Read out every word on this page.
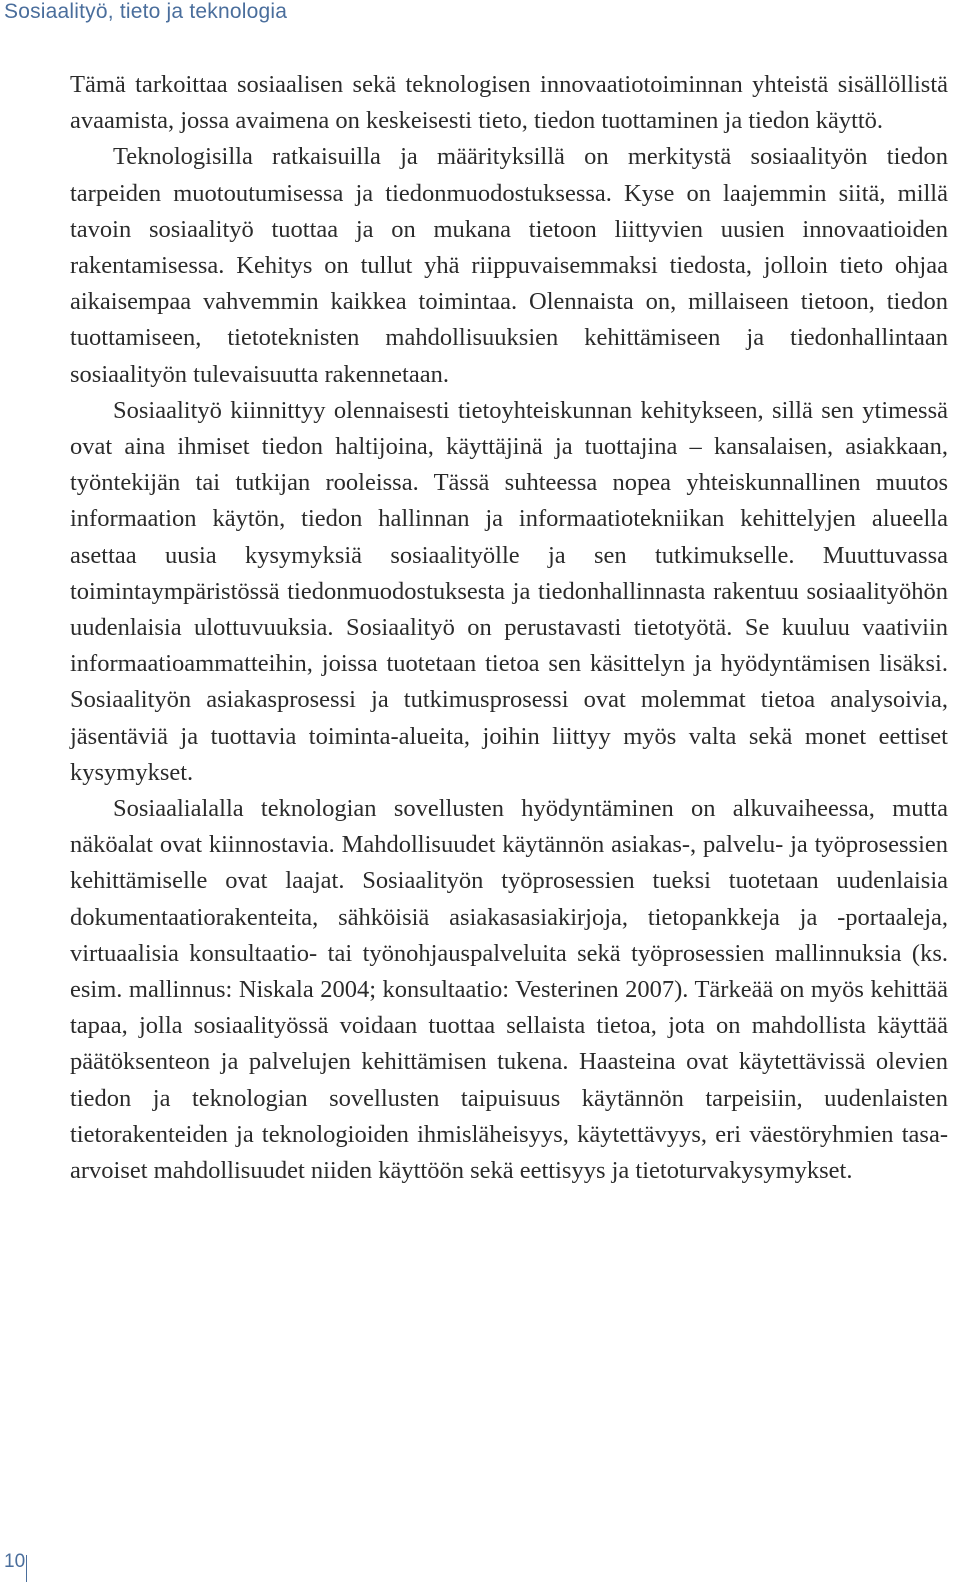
Sosiaalityö, tieto ja teknologia

Tämä tarkoittaa sosiaalisen sekä teknologisen innovaatiotoiminnan yhteistä sisällöllistä avaamista, jossa avaimena on keskeisesti tieto, tiedon tuottaminen ja tiedon käyttö.

Teknologisilla ratkaisuilla ja määrityksillä on merkitystä sosiaalityön tiedon tarpeiden muotoutumisessa ja tiedonmuodostuksessa. Kyse on laajemmin siitä, millä tavoin sosiaalityö tuottaa ja on mukana tietoon liittyvien uusien innovaatioiden rakentamisessa. Kehitys on tullut yhä riippuvaisemmaksi tiedosta, jolloin tieto ohjaa aikaisempaa vahvemmin kaikkea toimintaa. Olennaista on, millaiseen tietoon, tiedon tuottamiseen, tietoteknisten mahdollisuuksien kehittämiseen ja tiedonhallintaan sosiaalityön tulevaisuutta rakennetaan.

Sosiaalityö kiinnittyy olennaisesti tietoyhteiskunnan kehitykseen, sillä sen ytimessä ovat aina ihmiset tiedon haltijoina, käyttäjinä ja tuottajina – kansalaisen, asiakkaan, työntekijän tai tutkijan rooleissa. Tässä suhteessa nopea yhteiskunnallinen muutos informaation käytön, tiedon hallinnan ja informaatiotekniikan kehittelyjen alueella asettaa uusia kysymyksiä sosiaalityölle ja sen tutkimukselle. Muuttuvassa toimintaympäristössä tiedonmuodostuksesta ja tiedonhallinnasta rakentuu sosiaalityöhön uudenlaisia ulottuvuuksia. Sosiaalityö on perustavasti tietotyötä. Se kuuluu vaativiin informaatioammatteihin, joissa tuotetaan tietoa sen käsittelyn ja hyödyntämisen lisäksi. Sosiaalityön asiakasprosessi ja tutkimusprosessi ovat molemmat tietoa analysoivia, jäsentäviä ja tuottavia toiminta-alueita, joihin liittyy myös valta sekä monet eettiset kysymykset.

Sosiaalialalla teknologian sovellusten hyödyntäminen on alkuvaiheessa, mutta näköalat ovat kiinnostavia. Mahdollisuudet käytännön asiakas-, palvelu- ja työprosessien kehittämiselle ovat laajat. Sosiaalityön työprosessien tueksi tuotetaan uudenlaisia dokumentaatiorakenteita, sähköisiä asiakasasiakirjoja, tietopankkeja ja -portaaleja, virtuaalisia konsultaatio- tai työnohjauspalveluita sekä työprosessien mallinnuksia (ks. esim. mallinnus: Niskala 2004; konsultaatio: Vesterinen 2007). Tärkeää on myös kehittää tapaa, jolla sosiaalityössä voidaan tuottaa sellaista tietoa, jota on mahdollista käyttää päätöksenteon ja palvelujen kehittämisen tukena. Haasteina ovat käytettävissä olevien tiedon ja teknologian sovellusten taipuisuus käytännön tarpeisiin, uudenlaisten tietorakenteiden ja teknologioiden ihmisläheisyys, käytettävyys, eri väestöryhmien tasa-arvoiset mahdollisuudet niiden käyttöön sekä eettisyys ja tietoturvakysymykset.

10
